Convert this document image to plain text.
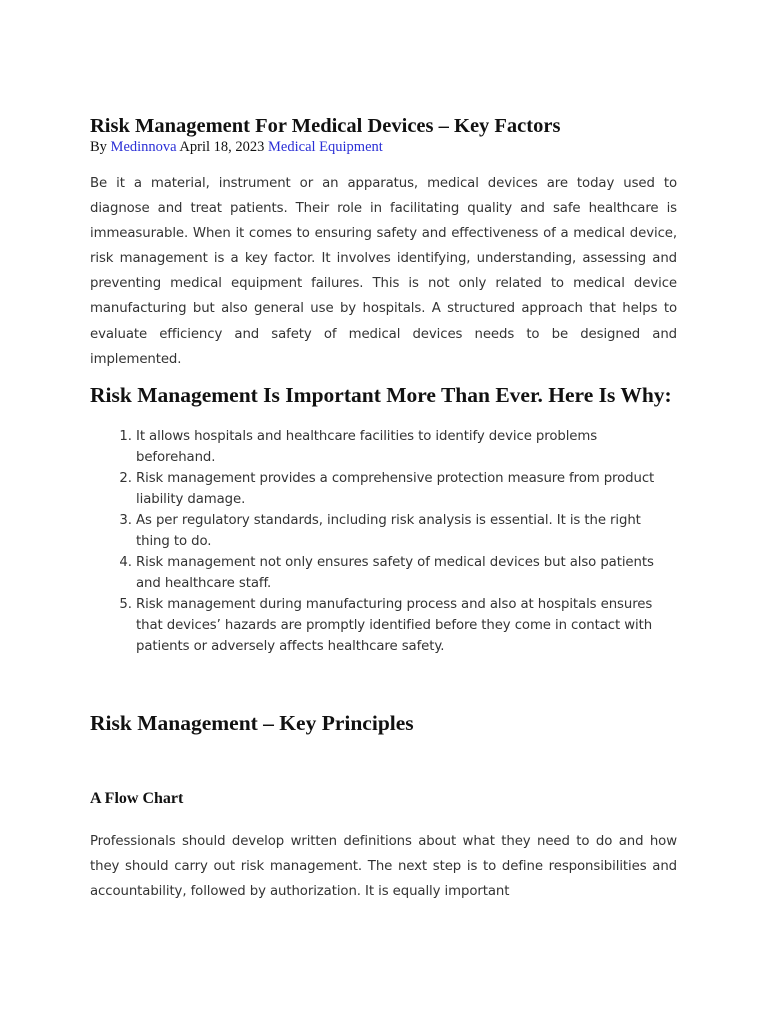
Risk Management For Medical Devices – Key Factors
By Medinnova April 18, 2023 Medical Equipment

Be it a material, instrument or an apparatus, medical devices are today used to diagnose and treat patients. Their role in facilitating quality and safe healthcare is immeasurable. When it comes to ensuring safety and effectiveness of a medical device, risk management is a key factor. It involves identifying, understanding, assessing and preventing medical equipment failures. This is not only related to medical device manufacturing but also general use by hospitals. A structured approach that helps to evaluate efficiency and safety of medical devices needs to be designed and implemented.

Risk Management Is Important More Than Ever. Here Is Why:
1. It allows hospitals and healthcare facilities to identify device problems beforehand.
2. Risk management provides a comprehensive protection measure from product liability damage.
3. As per regulatory standards, including risk analysis is essential. It is the right thing to do.
4. Risk management not only ensures safety of medical devices but also patients and healthcare staff.
5. Risk management during manufacturing process and also at hospitals ensures that devices’ hazards are promptly identified before they come in contact with patients or adversely affects healthcare safety.
Risk Management – Key Principles
A Flow Chart

Professionals should develop written definitions about what they need to do and how they should carry out risk management. The next step is to define responsibilities and accountability, followed by authorization. It is equally important
